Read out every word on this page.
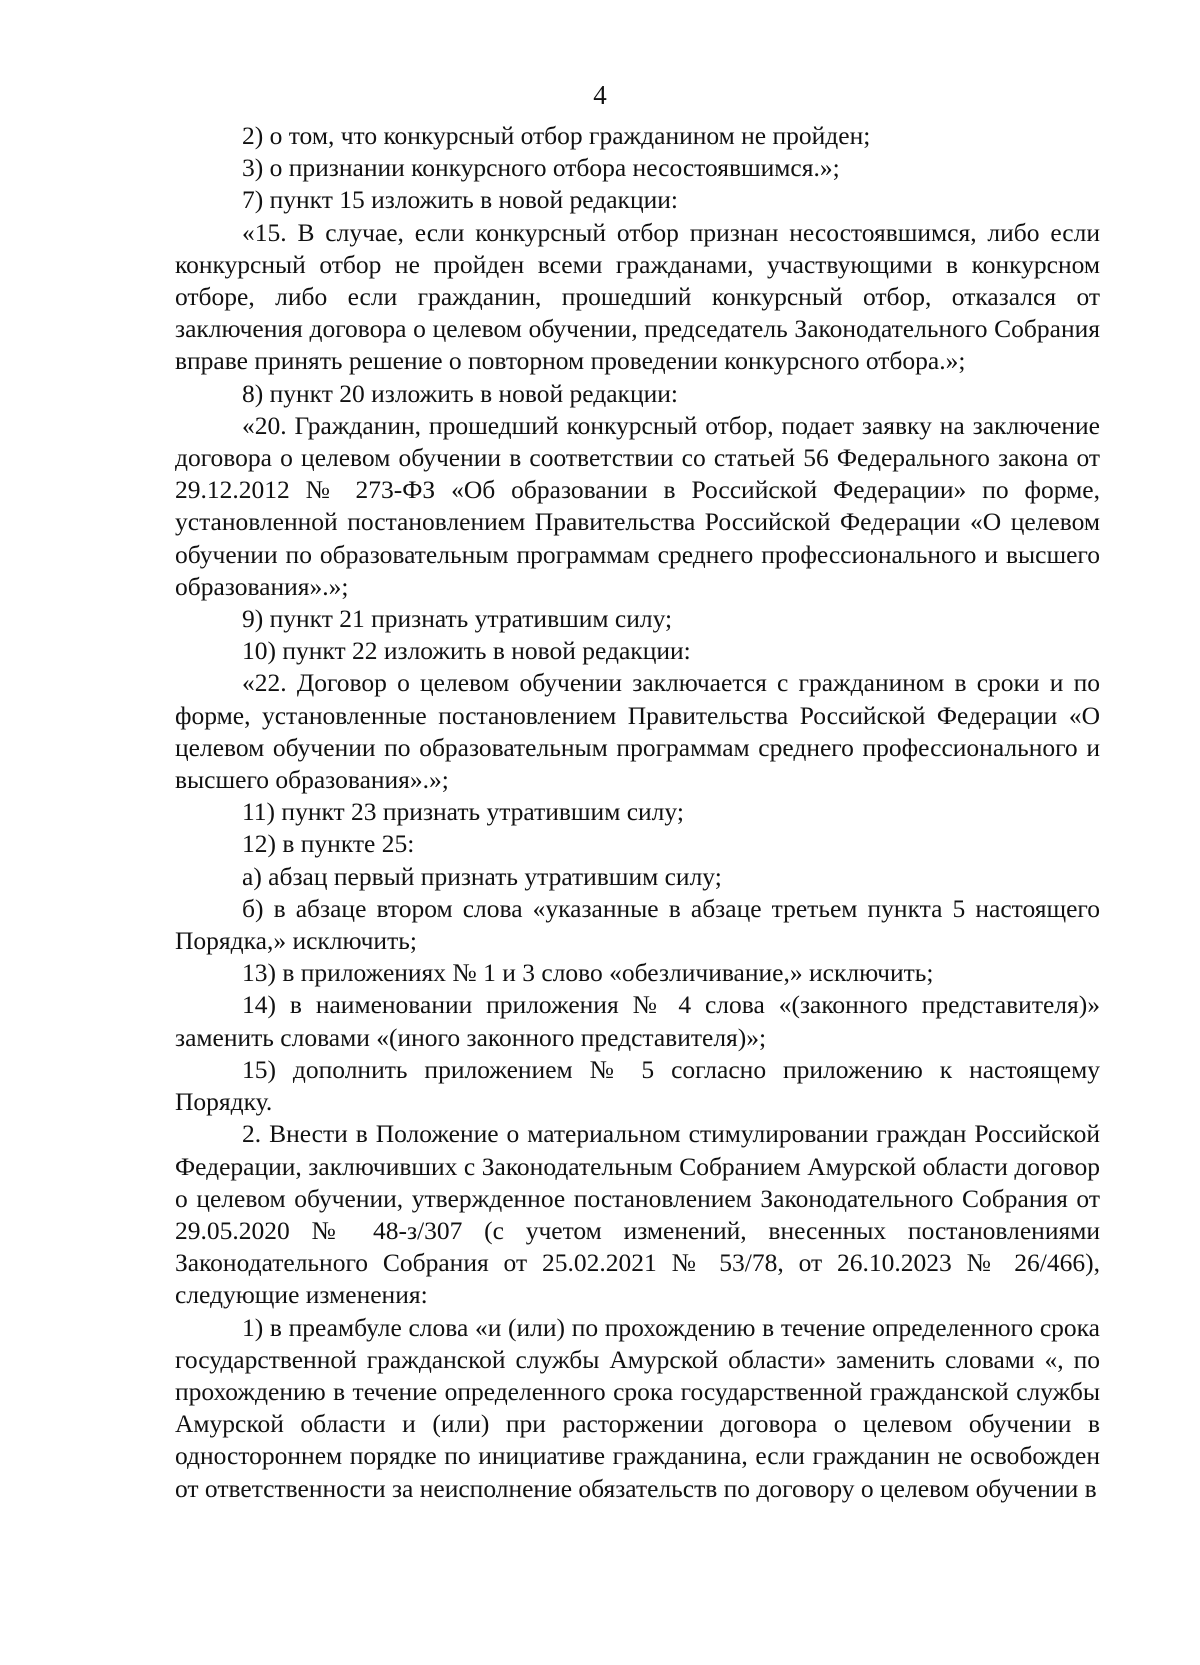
4

2) о том, что конкурсный отбор гражданином не пройден;

3) о признании конкурсного отбора несостоявшимся.»;

7) пункт 15 изложить в новой редакции:

«15. В случае, если конкурсный отбор признан несостоявшимся, либо если конкурсный отбор не пройден всеми гражданами, участвующими в конкурсном отборе, либо если гражданин, прошедший конкурсный отбор, отказался от заключения договора о целевом обучении, председатель Законодательного Собрания вправе принять решение о повторном проведении конкурсного отбора.»;

8) пункт 20 изложить в новой редакции:

«20. Гражданин, прошедший конкурсный отбор, подает заявку на заключение договора о целевом обучении в соответствии со статьей 56 Федерального закона от 29.12.2012 № 273-ФЗ «Об образовании в Российской Федерации» по форме, установленной постановлением Правительства Российской Федерации «О целевом обучении по образовательным программам среднего профессионального и высшего образования».»;

9) пункт 21 признать утратившим силу;

10) пункт 22 изложить в новой редакции:

«22. Договор о целевом обучении заключается с гражданином в сроки и по форме, установленные постановлением Правительства Российской Федерации «О целевом обучении по образовательным программам среднего профессионального и высшего образования».»;

11) пункт 23 признать утратившим силу;

12) в пункте 25:

а) абзац первый признать утратившим силу;

б) в абзаце втором слова «указанные в абзаце третьем пункта 5 настоящего Порядка,» исключить;

13) в приложениях № 1 и 3 слово «обезличивание,» исключить;

14) в наименовании приложения № 4 слова «(законного представителя)» заменить словами «(иного законного представителя)»;

15) дополнить приложением № 5 согласно приложению к настоящему Порядку.

2. Внести в Положение о материальном стимулировании граждан Российской Федерации, заключивших с Законодательным Собранием Амурской области договор о целевом обучении, утвержденное постановлением Законодательного Собрания от 29.05.2020 № 48-з/307 (с учетом изменений, внесенных постановлениями Законодательного Собрания от 25.02.2021 № 53/78, от 26.10.2023 № 26/466), следующие изменения:

1) в преамбуле слова «и (или) по прохождению в течение определенного срока государственной гражданской службы Амурской области» заменить словами «, по прохождению в течение определенного срока государственной гражданской службы Амурской области и (или) при расторжении договора о целевом обучении в одностороннем порядке по инициативе гражданина, если гражданин не освобожден от ответственности за неисполнение обязательств по договору о целевом обучении в
